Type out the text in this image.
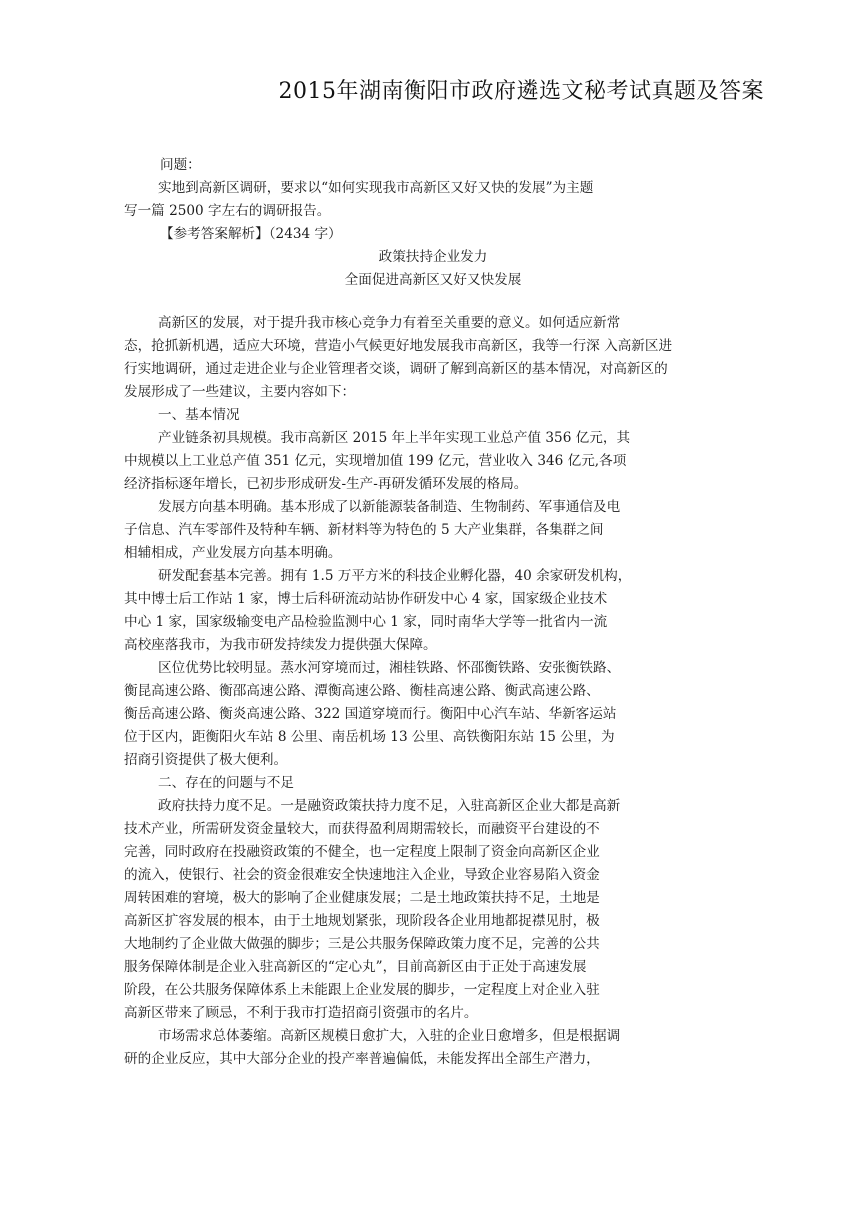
2015年湖南衡阳市政府遴选文秘考试真题及答案
问题：
实地到高新区调研，要求以“如何实现我市高新区又好又快的发展”为主题
写一篇 2500 字左右的调研报告。
【参考答案解析】（2434 字）
政策扶持企业发力
全面促进高新区又好又快发展
高新区的发展，对于提升我市核心竞争力有着至关重要的意义。如何适应新常
态，抢抓新机遇，适应大环境，营造小气候更好地发展我市高新区，我等一行深 入高新区进
行实地调研，通过走进企业与企业管理者交谈，调研了解到高新区的基本情况，对高新区的
发展形成了一些建议，主要内容如下：
一、基本情况
产业链条初具规模。我市高新区 2015 年上半年实现工业总产值 356 亿元，其
中规模以上工业总产值 351 亿元，实现增加值 199 亿元，营业收入 346 亿元,各项
经济指标逐年增长，已初步形成研发-生产-再研发循环发展的格局。
发展方向基本明确。基本形成了以新能源装备制造、生物制药、军事通信及电
子信息、汽车零部件及特种车辆、新材料等为特色的 5 大产业集群，各集群之间
相辅相成，产业发展方向基本明确。
研发配套基本完善。拥有 1.5 万平方米的科技企业孵化器，40 余家研发机构，
其中博士后工作站 1 家，博士后科研流动站协作研发中心 4 家，国家级企业技术
中心 1 家，国家级输变电产品检验监测中心 1 家，同时南华大学等一批省内一流
高校座落我市，为我市研发持续发力提供强大保障。
区位优势比较明显。蒸水河穿境而过，湘桂铁路、怀邵衡铁路、安张衡铁路、
衡昆高速公路、衡邵高速公路、潭衡高速公路、衡桂高速公路、衡武高速公路、
衡岳高速公路、衡炎高速公路、322 国道穿境而行。衡阳中心汽车站、华新客运站
位于区内，距衡阳火车站 8 公里、南岳机场 13 公里、高铁衡阳东站 15 公里，为
招商引资提供了极大便利。
二、存在的问题与不足
政府扶持力度不足。一是融资政策扶持力度不足，入驻高新区企业大都是高新
技术产业，所需研发资金量较大，而获得盈利周期需较长，而融资平台建设的不
完善，同时政府在投融资政策的不健全，也一定程度上限制了资金向高新区企业
的流入，使银行、社会的资金很难安全快速地注入企业，导致企业容易陷入资金
周转困难的窘境，极大的影响了企业健康发展；二是土地政策扶持不足，土地是
高新区扩容发展的根本，由于土地规划紧张，现阶段各企业用地都捉襟见肘，极
大地制约了企业做大做强的脚步；三是公共服务保障政策力度不足，完善的公共
服务保障体制是企业入驻高新区的“定心丸”，目前高新区由于正处于高速发展
阶段，在公共服务保障体系上未能跟上企业发展的脚步，一定程度上对企业入驻
高新区带来了顾忌，不利于我市打造招商引资强市的名片。
市场需求总体萎缩。高新区规模日愈扩大，入驻的企业日愈增多，但是根据调
研的企业反应，其中大部分企业的投产率普遍偏低，未能发挥出全部生产潜力，
